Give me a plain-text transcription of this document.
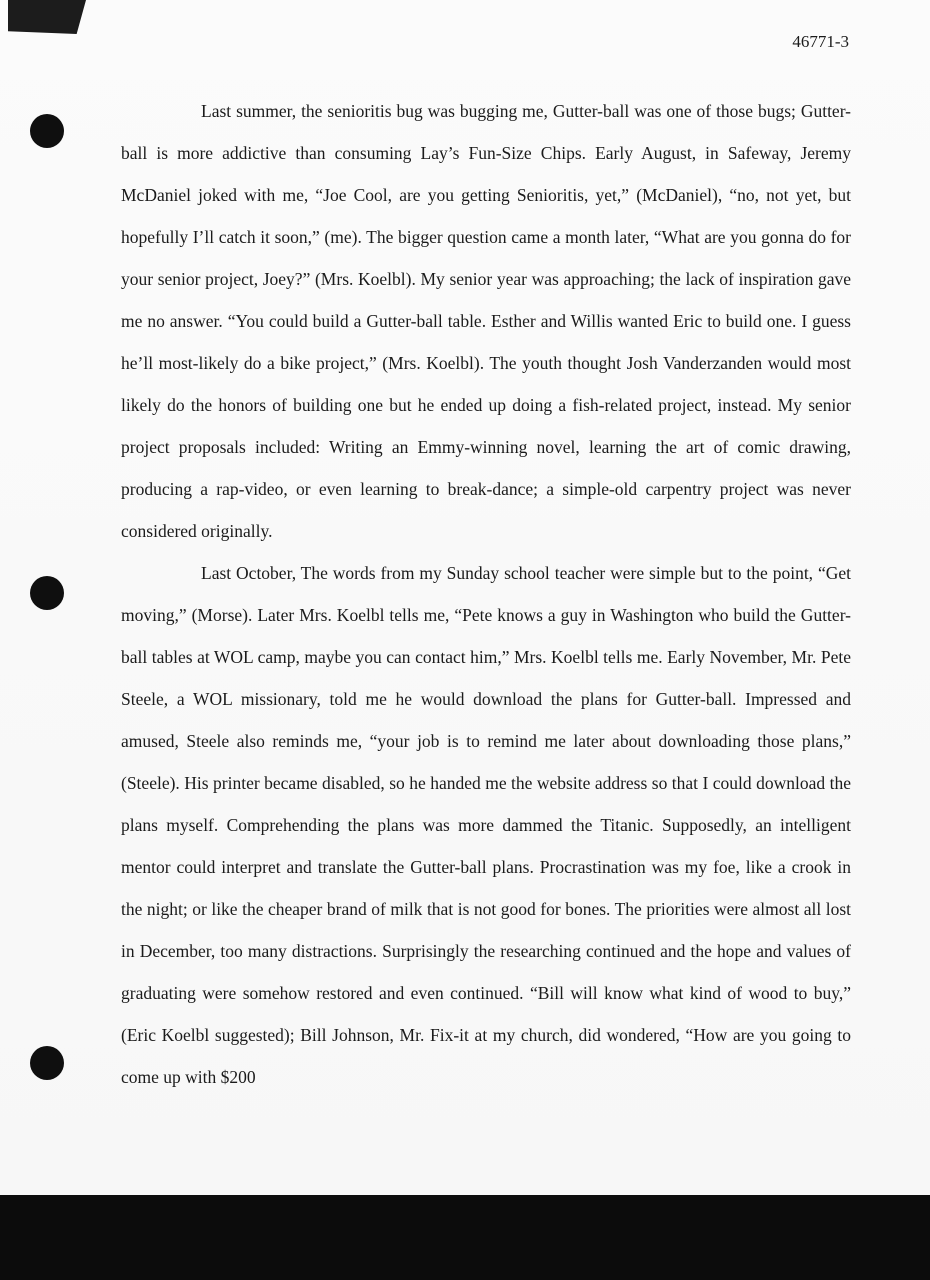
46771-3

Last summer, the senioritis bug was bugging me, Gutter-ball was one of those bugs; Gutter-ball is more addictive than consuming Lay’s Fun-Size Chips. Early August, in Safeway, Jeremy McDaniel joked with me, “Joe Cool, are you getting Senioritis, yet,” (McDaniel), “no, not yet, but hopefully I’ll catch it soon,” (me). The bigger question came a month later, “What are you gonna do for your senior project, Joey?” (Mrs. Koelbl). My senior year was approaching; the lack of inspiration gave me no answer. “You could build a Gutter-ball table. Esther and Willis wanted Eric to build one. I guess he’ll most-likely do a bike project,” (Mrs. Koelbl). The youth thought Josh Vanderzanden would most likely do the honors of building one but he ended up doing a fish-related project, instead. My senior project proposals included: Writing an Emmy-winning novel, learning the art of comic drawing, producing a rap-video, or even learning to break-dance; a simple-old carpentry project was never considered originally.

Last October, The words from my Sunday school teacher were simple but to the point, “Get moving,” (Morse). Later Mrs. Koelbl tells me, “Pete knows a guy in Washington who build the Gutter-ball tables at WOL camp, maybe you can contact him,” Mrs. Koelbl tells me. Early November, Mr. Pete Steele, a WOL missionary, told me he would download the plans for Gutter-ball. Impressed and amused, Steele also reminds me, “your job is to remind me later about downloading those plans,” (Steele). His printer became disabled, so he handed me the website address so that I could download the plans myself. Comprehending the plans was more dammed the Titanic. Supposedly, an intelligent mentor could interpret and translate the Gutter-ball plans. Procrastination was my foe, like a crook in the night; or like the cheaper brand of milk that is not good for bones. The priorities were almost all lost in December, too many distractions. Surprisingly the researching continued and the hope and values of graduating were somehow restored and even continued. “Bill will know what kind of wood to buy,” (Eric Koelbl suggested); Bill Johnson, Mr. Fix-it at my church, did wondered, “How are you going to come up with $200
